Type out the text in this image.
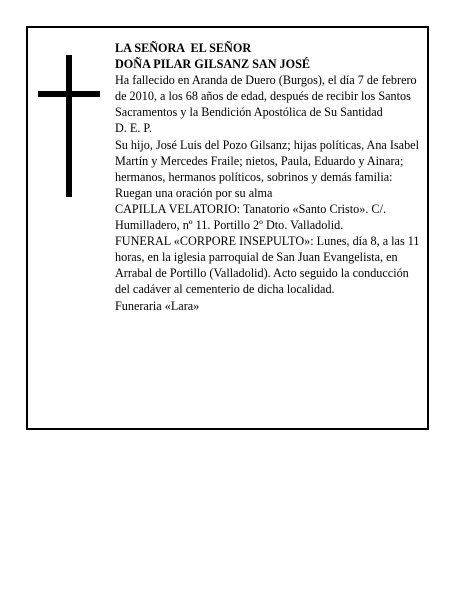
LA SEÑORA  EL SEÑOR

DOÑA PILAR GILSANZ SAN JOSÉ

Ha fallecido en Aranda de Duero (Burgos), el día 7 de febrero de 2010, a los 68 años de edad, después de recibir los Santos Sacramentos y la Bendición Apostólica de Su Santidad

D. E. P.

Su hijo, José Luis del Pozo Gilsanz; hijas políticas, Ana Isabel Martín y Mercedes Fraile; nietos, Paula, Eduardo y Ainara; hermanos, hermanos políticos, sobrinos y demás familia:

Ruegan una oración por su alma

CAPILLA VELATORIO: Tanatorio «Santo Cristo». C/. Humilladero, nº 11. Portillo 2º Dto. Valladolid.

FUNERAL «CORPORE INSEPULTO»: Lunes, día 8, a las 11 horas, en la iglesia parroquial de San Juan Evangelista, en Arrabal de Portillo (Valladolid). Acto seguido la conducción del cadáver al cementerio de dicha localidad.

Funeraria «Lara»
